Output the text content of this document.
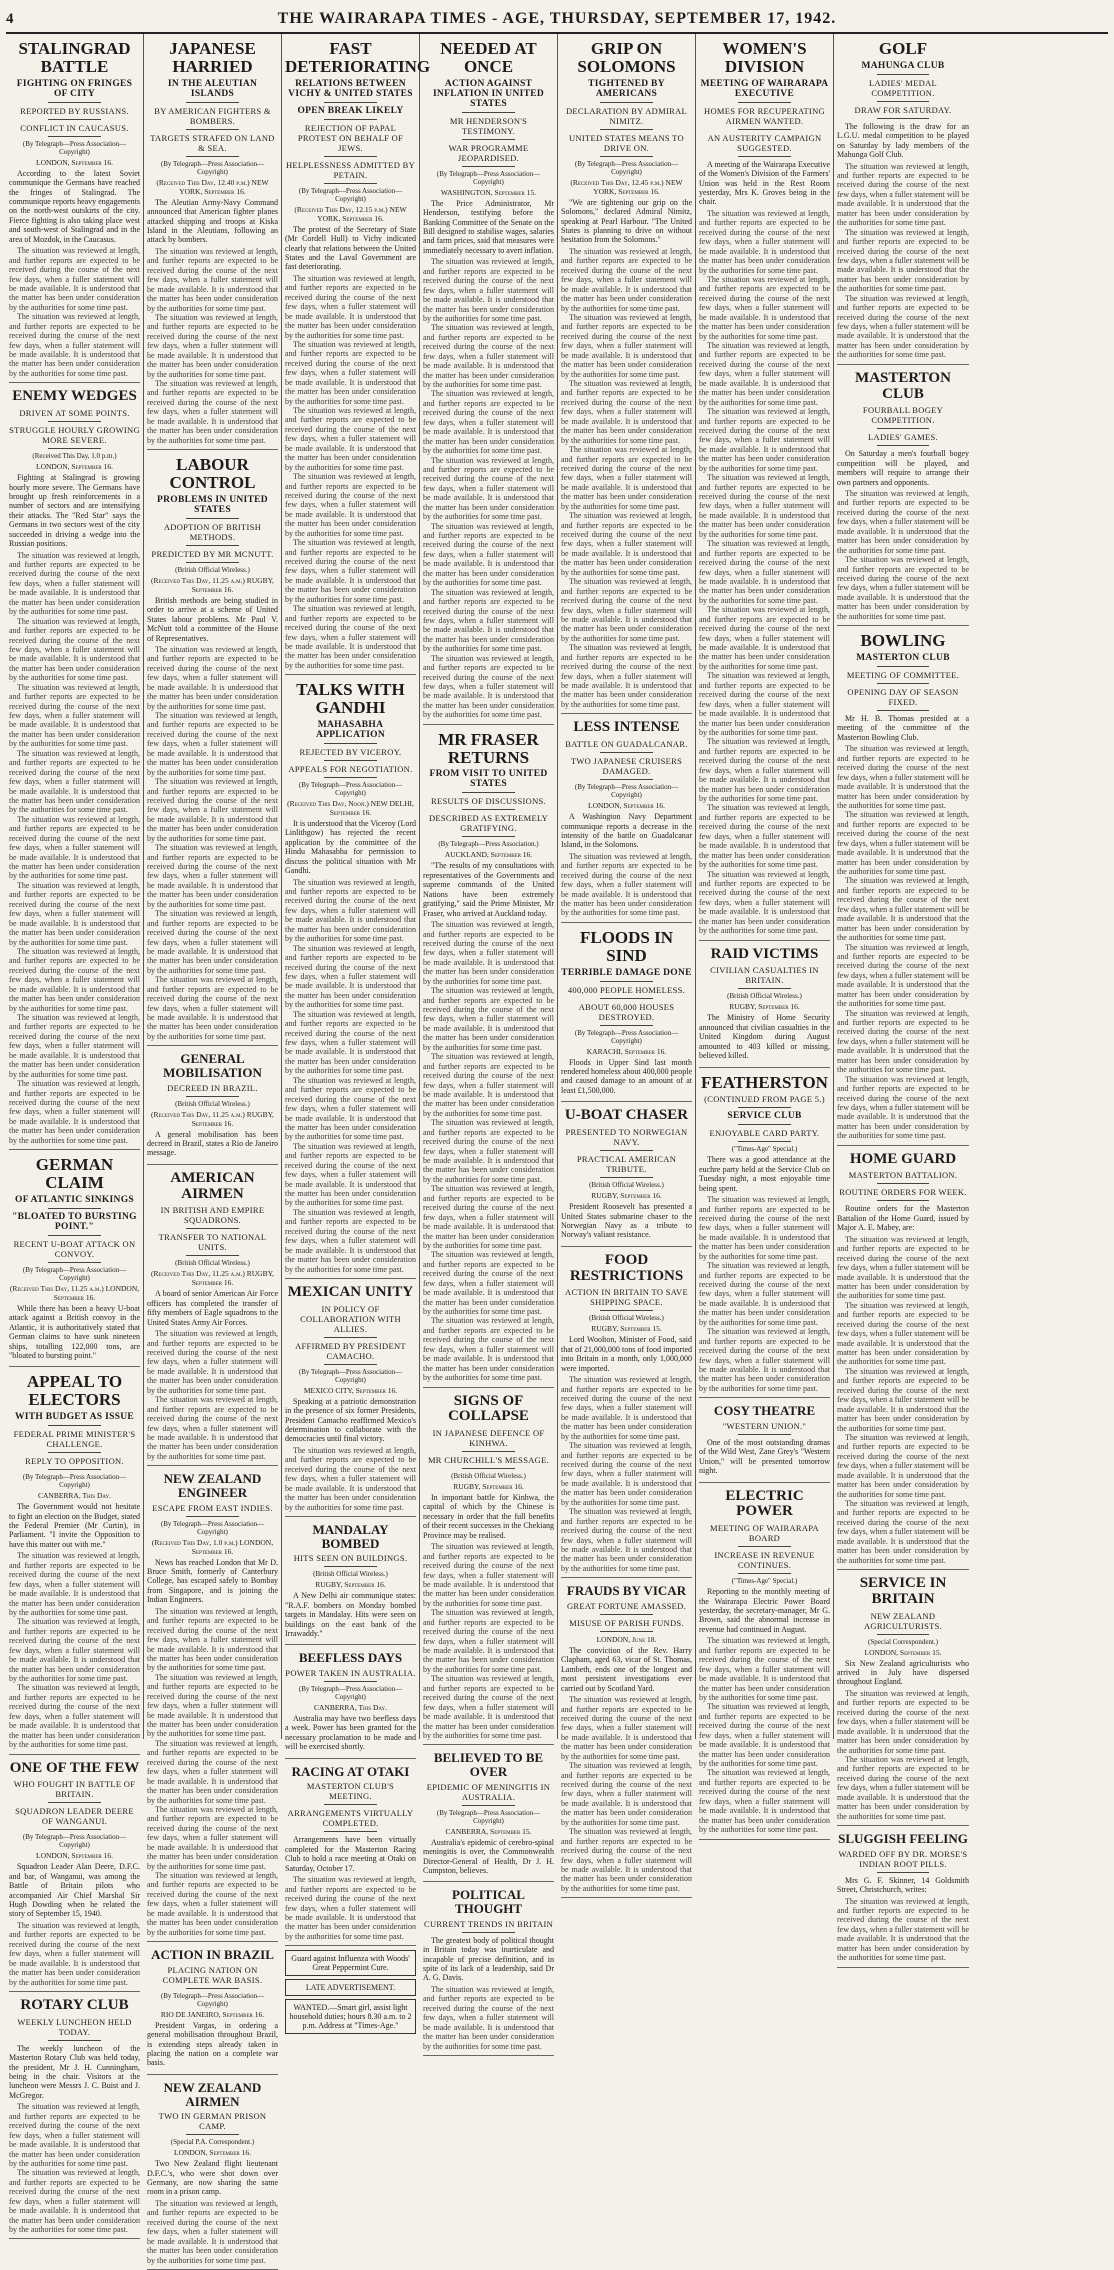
4	THE WAIRARAPA TIMES - AGE, THURSDAY, SEPTEMBER 17, 1942.
STALINGRAD BATTLE
FIGHTING ON FRINGES OF CITY
REPORTED BY RUSSIANS.
CONFLICT IN CAUCASUS.
(By Telegraph—Press Association—Copyright)
LONDON, September 16.
According to the latest Soviet communique the Germans have reached the fringes of Stalingrad. The communique reports heavy engagements on the north-west outskirts of the city. Fierce fighting is also taking place west and south-west of Stalingrad and in the area of Mozdok, in the Caucasus.

The situation was reviewed at length, and further reports are expected to be received during the course of the next few days, when a fuller statement will be made available. It is understood that the matter has been under consideration by the authorities for some time past.

The situation was reviewed at length, and further reports are expected to be received during the course of the next few days, when a fuller statement will be made available. It is understood that the matter has been under consideration by the authorities for some time past.

ENEMY WEDGES
DRIVEN AT SOME POINTS.
STRUGGLE HOURLY GROWING MORE SEVERE.
(Received This Day, 1.0 p.m.)
LONDON, September 16.
Fighting at Stalingrad is growing hourly more severe. The Germans have brought up fresh reinforcements in a number of sectors and are intensifying their attacks. The "Red Star" says the Germans in two sectors west of the city succeeded in driving a wedge into the Russian positions.

The situation was reviewed at length, and further reports are expected to be received during the course of the next few days, when a fuller statement will be made available. It is understood that the matter has been under consideration by the authorities for some time past.

The situation was reviewed at length, and further reports are expected to be received during the course of the next few days, when a fuller statement will be made available. It is understood that the matter has been under consideration by the authorities for some time past.

The situation was reviewed at length, and further reports are expected to be received during the course of the next few days, when a fuller statement will be made available. It is understood that the matter has been under consideration by the authorities for some time past.

The situation was reviewed at length, and further reports are expected to be received during the course of the next few days, when a fuller statement will be made available. It is understood that the matter has been under consideration by the authorities for some time past.

The situation was reviewed at length, and further reports are expected to be received during the course of the next few days, when a fuller statement will be made available. It is understood that the matter has been under consideration by the authorities for some time past.

The situation was reviewed at length, and further reports are expected to be received during the course of the next few days, when a fuller statement will be made available. It is understood that the matter has been under consideration by the authorities for some time past.

The situation was reviewed at length, and further reports are expected to be received during the course of the next few days, when a fuller statement will be made available. It is understood that the matter has been under consideration by the authorities for some time past.

The situation was reviewed at length, and further reports are expected to be received during the course of the next few days, when a fuller statement will be made available. It is understood that the matter has been under consideration by the authorities for some time past.

The situation was reviewed at length, and further reports are expected to be received during the course of the next few days, when a fuller statement will be made available. It is understood that the matter has been under consideration by the authorities for some time past.

GERMAN CLAIM
OF ATLANTIC SINKINGS
"BLOATED TO BURSTING POINT."
RECENT U-BOAT ATTACK ON CONVOY.
(By Telegraph—Press Association—Copyright)
(Received This Day, 11.25 a.m.) LONDON, September 16.
While there has been a heavy U-boat attack against a British convoy in the Atlantic, it is authoritatively stated that German claims to have sunk nineteen ships, totalling 122,000 tons, are "bloated to bursting point."
APPEAL TO ELECTORS
WITH BUDGET AS ISSUE
FEDERAL PRIME MINISTER'S CHALLENGE.
REPLY TO OPPOSITION.
(By Telegraph—Press Association—Copyright)
CANBERRA, This Day.
The Government would not hesitate to fight an election on the Budget, stated the Federal Premier (Mr Curtin), in Parliament. "I invite the Opposition to have this matter out with me."

The situation was reviewed at length, and further reports are expected to be received during the course of the next few days, when a fuller statement will be made available. It is understood that the matter has been under consideration by the authorities for some time past.

The situation was reviewed at length, and further reports are expected to be received during the course of the next few days, when a fuller statement will be made available. It is understood that the matter has been under consideration by the authorities for some time past.

The situation was reviewed at length, and further reports are expected to be received during the course of the next few days, when a fuller statement will be made available. It is understood that the matter has been under consideration by the authorities for some time past.

ONE OF THE FEW
WHO FOUGHT IN BATTLE OF BRITAIN.
SQUADRON LEADER DEERE OF WANGANUI.
(By Telegraph—Press Association—Copyright)
LONDON, September 16.
Squadron Leader Alan Deere, D.F.C. and bar, of Wanganui, was among the Battle of Britain pilots who accompanied Air Chief Marshal Sir Hugh Dowding when he related the story of September 15, 1940.

The situation was reviewed at length, and further reports are expected to be received during the course of the next few days, when a fuller statement will be made available. It is understood that the matter has been under consideration by the authorities for some time past.

ROTARY CLUB
WEEKLY LUNCHEON HELD TODAY.
The weekly luncheon of the Masterton Rotary Club was held today, the president, Mr J. H. Cunningham, being in the chair. Visitors at the luncheon were Messrs J. C. Buist and J. McGregor.

The situation was reviewed at length, and further reports are expected to be received during the course of the next few days, when a fuller statement will be made available. It is understood that the matter has been under consideration by the authorities for some time past.

The situation was reviewed at length, and further reports are expected to be received during the course of the next few days, when a fuller statement will be made available. It is understood that the matter has been under consideration by the authorities for some time past.

JAPANESE HARRIED
IN THE ALEUTIAN ISLANDS
BY AMERICAN FIGHTERS & BOMBERS.
TARGETS STRAFED ON LAND & SEA.
(By Telegraph—Press Association—Copyright)
(Received This Day, 12.40 p.m.) NEW YORK, September 16.
The Aleutian Army-Navy Command announced that American fighter planes attacked shipping and troops at Kiska Island in the Aleutians, following an attack by bombers.

The situation was reviewed at length, and further reports are expected to be received during the course of the next few days, when a fuller statement will be made available. It is understood that the matter has been under consideration by the authorities for some time past.

The situation was reviewed at length, and further reports are expected to be received during the course of the next few days, when a fuller statement will be made available. It is understood that the matter has been under consideration by the authorities for some time past.

The situation was reviewed at length, and further reports are expected to be received during the course of the next few days, when a fuller statement will be made available. It is understood that the matter has been under consideration by the authorities for some time past.

LABOUR CONTROL
PROBLEMS IN UNITED STATES
ADOPTION OF BRITISH METHODS.
PREDICTED BY MR MCNUTT.
(British Official Wireless.)
(Received This Day, 11.25 a.m.) RUGBY, September 16.
British methods are being studied in order to arrive at a scheme of United States labour problems. Mr Paul V. McNutt told a committee of the House of Representatives.

The situation was reviewed at length, and further reports are expected to be received during the course of the next few days, when a fuller statement will be made available. It is understood that the matter has been under consideration by the authorities for some time past.

The situation was reviewed at length, and further reports are expected to be received during the course of the next few days, when a fuller statement will be made available. It is understood that the matter has been under consideration by the authorities for some time past.

The situation was reviewed at length, and further reports are expected to be received during the course of the next few days, when a fuller statement will be made available. It is understood that the matter has been under consideration by the authorities for some time past.

The situation was reviewed at length, and further reports are expected to be received during the course of the next few days, when a fuller statement will be made available. It is understood that the matter has been under consideration by the authorities for some time past.

The situation was reviewed at length, and further reports are expected to be received during the course of the next few days, when a fuller statement will be made available. It is understood that the matter has been under consideration by the authorities for some time past.

The situation was reviewed at length, and further reports are expected to be received during the course of the next few days, when a fuller statement will be made available. It is understood that the matter has been under consideration by the authorities for some time past.

GENERAL MOBILISATION
DECREED IN BRAZIL.
(British Official Wireless.)
(Received This Day, 11.25 a.m.) RUGBY, September 16.
A general mobilisation has been decreed in Brazil, states a Rio de Janeiro message.
AMERICAN AIRMEN
IN BRITISH AND EMPIRE SQUADRONS.
TRANSFER TO NATIONAL UNITS.
(British Official Wireless.)
(Received This Day, 11.25 a.m.) RUGBY, September 16.
A board of senior American Air Force officers has completed the transfer of fifty members of Eagle squadrons to the United States Army Air Forces.

The situation was reviewed at length, and further reports are expected to be received during the course of the next few days, when a fuller statement will be made available. It is understood that the matter has been under consideration by the authorities for some time past.

The situation was reviewed at length, and further reports are expected to be received during the course of the next few days, when a fuller statement will be made available. It is understood that the matter has been under consideration by the authorities for some time past.

NEW ZEALAND ENGINEER
ESCAPE FROM EAST INDIES.
(By Telegraph—Press Association—Copyright)
(Received This Day, 1.0 p.m.) LONDON, September 16.
News has reached London that Mr D. Bruce Smith, formerly of Canterbury College, has escaped safely to Bombay from Singapore, and is joining the Indian Engineers.

The situation was reviewed at length, and further reports are expected to be received during the course of the next few days, when a fuller statement will be made available. It is understood that the matter has been under consideration by the authorities for some time past.

The situation was reviewed at length, and further reports are expected to be received during the course of the next few days, when a fuller statement will be made available. It is understood that the matter has been under consideration by the authorities for some time past.

The situation was reviewed at length, and further reports are expected to be received during the course of the next few days, when a fuller statement will be made available. It is understood that the matter has been under consideration by the authorities for some time past.

The situation was reviewed at length, and further reports are expected to be received during the course of the next few days, when a fuller statement will be made available. It is understood that the matter has been under consideration by the authorities for some time past.

The situation was reviewed at length, and further reports are expected to be received during the course of the next few days, when a fuller statement will be made available. It is understood that the matter has been under consideration by the authorities for some time past.

ACTION IN BRAZIL
PLACING NATION ON COMPLETE WAR BASIS.
(By Telegraph—Press Association—Copyright)
RIO DE JANEIRO, September 16.
President Vargas, in ordering a general mobilisation throughout Brazil, is extending steps already taken in placing the nation on a complete war basis.
NEW ZEALAND AIRMEN
TWO IN GERMAN PRISON CAMP.
(Special P.A. Correspondent.)
LONDON, September 16.
Two New Zealand flight lieutenant D.F.C.'s, who were shot down over Germany, are now sharing the same room in a prison camp.

The situation was reviewed at length, and further reports are expected to be received during the course of the next few days, when a fuller statement will be made available. It is understood that the matter has been under consideration by the authorities for some time past.

FAST DETERIORATING
RELATIONS BETWEEN VICHY & UNITED STATES
OPEN BREAK LIKELY
REJECTION OF PAPAL PROTEST ON BEHALF OF JEWS.
HELPLESSNESS ADMITTED BY PETAIN.
(By Telegraph—Press Association—Copyright)
(Received This Day, 12.15 p.m.) NEW YORK, September 16.
The protest of the Secretary of State (Mr Cordell Hull) to Vichy indicated clearly that relations between the United States and the Laval Government are fast deteriorating.

The situation was reviewed at length, and further reports are expected to be received during the course of the next few days, when a fuller statement will be made available. It is understood that the matter has been under consideration by the authorities for some time past.

The situation was reviewed at length, and further reports are expected to be received during the course of the next few days, when a fuller statement will be made available. It is understood that the matter has been under consideration by the authorities for some time past.

The situation was reviewed at length, and further reports are expected to be received during the course of the next few days, when a fuller statement will be made available. It is understood that the matter has been under consideration by the authorities for some time past.

The situation was reviewed at length, and further reports are expected to be received during the course of the next few days, when a fuller statement will be made available. It is understood that the matter has been under consideration by the authorities for some time past.

The situation was reviewed at length, and further reports are expected to be received during the course of the next few days, when a fuller statement will be made available. It is understood that the matter has been under consideration by the authorities for some time past.

The situation was reviewed at length, and further reports are expected to be received during the course of the next few days, when a fuller statement will be made available. It is understood that the matter has been under consideration by the authorities for some time past.

TALKS WITH GANDHI
MAHASABHA APPLICATION
REJECTED BY VICEROY.
APPEALS FOR NEGOTIATION.
(By Telegraph—Press Association—Copyright)
(Received This Day, Noon.) NEW DELHI, September 16.
It is understood that the Viceroy (Lord Linlithgow) has rejected the recent application by the committee of the Hindu Mahasabha for permission to discuss the political situation with Mr Gandhi.

The situation was reviewed at length, and further reports are expected to be received during the course of the next few days, when a fuller statement will be made available. It is understood that the matter has been under consideration by the authorities for some time past.

The situation was reviewed at length, and further reports are expected to be received during the course of the next few days, when a fuller statement will be made available. It is understood that the matter has been under consideration by the authorities for some time past.

The situation was reviewed at length, and further reports are expected to be received during the course of the next few days, when a fuller statement will be made available. It is understood that the matter has been under consideration by the authorities for some time past.

The situation was reviewed at length, and further reports are expected to be received during the course of the next few days, when a fuller statement will be made available. It is understood that the matter has been under consideration by the authorities for some time past.

The situation was reviewed at length, and further reports are expected to be received during the course of the next few days, when a fuller statement will be made available. It is understood that the matter has been under consideration by the authorities for some time past.

The situation was reviewed at length, and further reports are expected to be received during the course of the next few days, when a fuller statement will be made available. It is understood that the matter has been under consideration by the authorities for some time past.

MEXICAN UNITY
IN POLICY OF COLLABORATION WITH ALLIES.
AFFIRMED BY PRESIDENT CAMACHO.
(By Telegraph—Press Association—Copyright)
MEXICO CITY, September 16.
Speaking at a patriotic demonstration in the presence of six former Presidents, President Camacho reaffirmed Mexico's determination to collaborate with the democracies until final victory.

The situation was reviewed at length, and further reports are expected to be received during the course of the next few days, when a fuller statement will be made available. It is understood that the matter has been under consideration by the authorities for some time past.

MANDALAY BOMBED
HITS SEEN ON BUILDINGS.
(British Official Wireless.)
RUGBY, September 16.
A New Delhi air communique states: "R.A.F. bombers on Monday bombed targets in Mandalay. Hits were seen on buildings on the east bank of the Irrawaddy."
BEEFLESS DAYS
POWER TAKEN IN AUSTRALIA.
(By Telegraph—Press Association—Copyright)
CANBERRA, This Day.
Australia may have two beefless days a week. Power has been granted for the necessary proclamation to be made and will be exercised shortly.
RACING AT OTAKI
MASTERTON CLUB'S MEETING.
ARRANGEMENTS VIRTUALLY COMPLETED.
Arrangements have been virtually completed for the Masterton Racing Club to hold a race meeting at Otaki on Saturday, October 17.

The situation was reviewed at length, and further reports are expected to be received during the course of the next few days, when a fuller statement will be made available. It is understood that the matter has been under consideration by the authorities for some time past.

Guard against Influenza with Woods' Great Peppermint Cure.
LATE ADVERTISEMENT.
WANTED.—Smart girl, assist light household duties; hours 8.30 a.m. to 2 p.m. Address at "Times-Age."
NEEDED AT ONCE
ACTION AGAINST INFLATION IN UNITED STATES
MR HENDERSON'S TESTIMONY.
WAR PROGRAMME JEOPARDISED.
(By Telegraph—Press Association—Copyright)
WASHINGTON, September 15.
The Price Administrator, Mr Henderson, testifying before the Banking Committee of the Senate on the Bill designed to stabilise wages, salaries and farm prices, said that measures were immediately necessary to avert inflation.

The situation was reviewed at length, and further reports are expected to be received during the course of the next few days, when a fuller statement will be made available. It is understood that the matter has been under consideration by the authorities for some time past.

The situation was reviewed at length, and further reports are expected to be received during the course of the next few days, when a fuller statement will be made available. It is understood that the matter has been under consideration by the authorities for some time past.

The situation was reviewed at length, and further reports are expected to be received during the course of the next few days, when a fuller statement will be made available. It is understood that the matter has been under consideration by the authorities for some time past.

The situation was reviewed at length, and further reports are expected to be received during the course of the next few days, when a fuller statement will be made available. It is understood that the matter has been under consideration by the authorities for some time past.

The situation was reviewed at length, and further reports are expected to be received during the course of the next few days, when a fuller statement will be made available. It is understood that the matter has been under consideration by the authorities for some time past.

The situation was reviewed at length, and further reports are expected to be received during the course of the next few days, when a fuller statement will be made available. It is understood that the matter has been under consideration by the authorities for some time past.

The situation was reviewed at length, and further reports are expected to be received during the course of the next few days, when a fuller statement will be made available. It is understood that the matter has been under consideration by the authorities for some time past.

MR FRASER RETURNS
FROM VISIT TO UNITED STATES
RESULTS OF DISCUSSIONS.
DESCRIBED AS EXTREMELY GRATIFYING.
(By Telegraph—Press Association.)
AUCKLAND, September 16.
"The results of my consultations with representatives of the Governments and supreme commands of the United Nations have been extremely gratifying," said the Prime Minister, Mr Fraser, who arrived at Auckland today.

The situation was reviewed at length, and further reports are expected to be received during the course of the next few days, when a fuller statement will be made available. It is understood that the matter has been under consideration by the authorities for some time past.

The situation was reviewed at length, and further reports are expected to be received during the course of the next few days, when a fuller statement will be made available. It is understood that the matter has been under consideration by the authorities for some time past.

The situation was reviewed at length, and further reports are expected to be received during the course of the next few days, when a fuller statement will be made available. It is understood that the matter has been under consideration by the authorities for some time past.

The situation was reviewed at length, and further reports are expected to be received during the course of the next few days, when a fuller statement will be made available. It is understood that the matter has been under consideration by the authorities for some time past.

The situation was reviewed at length, and further reports are expected to be received during the course of the next few days, when a fuller statement will be made available. It is understood that the matter has been under consideration by the authorities for some time past.

The situation was reviewed at length, and further reports are expected to be received during the course of the next few days, when a fuller statement will be made available. It is understood that the matter has been under consideration by the authorities for some time past.

The situation was reviewed at length, and further reports are expected to be received during the course of the next few days, when a fuller statement will be made available. It is understood that the matter has been under consideration by the authorities for some time past.

SIGNS OF COLLAPSE
IN JAPANESE DEFENCE OF KINHWA.
MR CHURCHILL'S MESSAGE.
(British Official Wireless.)
RUGBY, September 16.
In important battle for Kinhwa, the capital of which by the Chinese is necessary in order that the full benefits of their recent successes in the Chekiang Province may be realised.

The situation was reviewed at length, and further reports are expected to be received during the course of the next few days, when a fuller statement will be made available. It is understood that the matter has been under consideration by the authorities for some time past.

The situation was reviewed at length, and further reports are expected to be received during the course of the next few days, when a fuller statement will be made available. It is understood that the matter has been under consideration by the authorities for some time past.

The situation was reviewed at length, and further reports are expected to be received during the course of the next few days, when a fuller statement will be made available. It is understood that the matter has been under consideration by the authorities for some time past.

BELIEVED TO BE OVER
EPIDEMIC OF MENINGITIS IN AUSTRALIA.
(By Telegraph—Press Association—Copyright)
CANBERRA, September 15.
Australia's epidemic of cerebro-spinal meningitis is over, the Commonwealth Director-General of Health, Dr J. H. Cumpston, believes.
POLITICAL THOUGHT
CURRENT TRENDS IN BRITAIN
The greatest body of political thought in Britain today was inarticulate and incapable of precise definition, and in spite of its lack of a leadership, said Dr A. G. Davis.

The situation was reviewed at length, and further reports are expected to be received during the course of the next few days, when a fuller statement will be made available. It is understood that the matter has been under consideration by the authorities for some time past.

GRIP ON SOLOMONS
TIGHTENED BY AMERICANS
DECLARATION BY ADMIRAL NIMITZ.
UNITED STATES MEANS TO DRIVE ON.
(By Telegraph—Press Association—Copyright)
(Received This Day, 12.45 p.m.) NEW YORK, September 16.
"We are tightening our grip on the Solomons," declared Admiral Nimitz, speaking at Pearl Harbour. "The United States is planning to drive on without hesitation from the Solomons."

The situation was reviewed at length, and further reports are expected to be received during the course of the next few days, when a fuller statement will be made available. It is understood that the matter has been under consideration by the authorities for some time past.

The situation was reviewed at length, and further reports are expected to be received during the course of the next few days, when a fuller statement will be made available. It is understood that the matter has been under consideration by the authorities for some time past.

The situation was reviewed at length, and further reports are expected to be received during the course of the next few days, when a fuller statement will be made available. It is understood that the matter has been under consideration by the authorities for some time past.

The situation was reviewed at length, and further reports are expected to be received during the course of the next few days, when a fuller statement will be made available. It is understood that the matter has been under consideration by the authorities for some time past.

The situation was reviewed at length, and further reports are expected to be received during the course of the next few days, when a fuller statement will be made available. It is understood that the matter has been under consideration by the authorities for some time past.

The situation was reviewed at length, and further reports are expected to be received during the course of the next few days, when a fuller statement will be made available. It is understood that the matter has been under consideration by the authorities for some time past.

The situation was reviewed at length, and further reports are expected to be received during the course of the next few days, when a fuller statement will be made available. It is understood that the matter has been under consideration by the authorities for some time past.

LESS INTENSE
BATTLE ON GUADALCANAR.
TWO JAPANESE CRUISERS DAMAGED.
(By Telegraph—Press Association—Copyright)
LONDON, September 16.
A Washington Navy Department communique reports a decrease in the intensity of the battle on Guadalcanar Island, in the Solomons.

The situation was reviewed at length, and further reports are expected to be received during the course of the next few days, when a fuller statement will be made available. It is understood that the matter has been under consideration by the authorities for some time past.

FLOODS IN SIND
TERRIBLE DAMAGE DONE
400,000 PEOPLE HOMELESS.
ABOUT 60,000 HOUSES DESTROYED.
(By Telegraph—Press Association—Copyright)
KARACHI, September 16.
Floods in Upper Sind last month rendered homeless about 400,000 people and caused damage to an amount of at least £1,500,000.
U-BOAT CHASER
PRESENTED TO NORWEGIAN NAVY.
PRACTICAL AMERICAN TRIBUTE.
(British Official Wireless.)
RUGBY, September 16.
President Roosevelt has presented a United States submarine chaser to the Norwegian Navy as a tribute to Norway's valiant resistance.
FOOD RESTRICTIONS
ACTION IN BRITAIN TO SAVE SHIPPING SPACE.
(British Official Wireless.)
RUGBY, September 15.
Lord Woolton, Minister of Food, said that of 21,000,000 tons of food imported into Britain in a month, only 1,000,000 were imported.

The situation was reviewed at length, and further reports are expected to be received during the course of the next few days, when a fuller statement will be made available. It is understood that the matter has been under consideration by the authorities for some time past.

The situation was reviewed at length, and further reports are expected to be received during the course of the next few days, when a fuller statement will be made available. It is understood that the matter has been under consideration by the authorities for some time past.

The situation was reviewed at length, and further reports are expected to be received during the course of the next few days, when a fuller statement will be made available. It is understood that the matter has been under consideration by the authorities for some time past.

FRAUDS BY VICAR
GREAT FORTUNE AMASSED.
MISUSE OF PARISH FUNDS.
LONDON, June 18.
The conviction of the Rev. Harry Clapham, aged 63, vicar of St. Thomas, Lambeth, ends one of the longest and most persistent investigations ever carried out by Scotland Yard.

The situation was reviewed at length, and further reports are expected to be received during the course of the next few days, when a fuller statement will be made available. It is understood that the matter has been under consideration by the authorities for some time past.

The situation was reviewed at length, and further reports are expected to be received during the course of the next few days, when a fuller statement will be made available. It is understood that the matter has been under consideration by the authorities for some time past.

The situation was reviewed at length, and further reports are expected to be received during the course of the next few days, when a fuller statement will be made available. It is understood that the matter has been under consideration by the authorities for some time past.

WOMEN'S DIVISION
MEETING OF WAIRARAPA EXECUTIVE
HOMES FOR RECUPERATING AIRMEN WANTED.
AN AUSTERITY CAMPAIGN SUGGESTED.
A meeting of the Wairarapa Executive of the Women's Division of the Farmers' Union was held in the Rest Room yesterday, Mrs K. Groves being in the chair.

The situation was reviewed at length, and further reports are expected to be received during the course of the next few days, when a fuller statement will be made available. It is understood that the matter has been under consideration by the authorities for some time past.

The situation was reviewed at length, and further reports are expected to be received during the course of the next few days, when a fuller statement will be made available. It is understood that the matter has been under consideration by the authorities for some time past.

The situation was reviewed at length, and further reports are expected to be received during the course of the next few days, when a fuller statement will be made available. It is understood that the matter has been under consideration by the authorities for some time past.

The situation was reviewed at length, and further reports are expected to be received during the course of the next few days, when a fuller statement will be made available. It is understood that the matter has been under consideration by the authorities for some time past.

The situation was reviewed at length, and further reports are expected to be received during the course of the next few days, when a fuller statement will be made available. It is understood that the matter has been under consideration by the authorities for some time past.

The situation was reviewed at length, and further reports are expected to be received during the course of the next few days, when a fuller statement will be made available. It is understood that the matter has been under consideration by the authorities for some time past.

The situation was reviewed at length, and further reports are expected to be received during the course of the next few days, when a fuller statement will be made available. It is understood that the matter has been under consideration by the authorities for some time past.

The situation was reviewed at length, and further reports are expected to be received during the course of the next few days, when a fuller statement will be made available. It is understood that the matter has been under consideration by the authorities for some time past.

The situation was reviewed at length, and further reports are expected to be received during the course of the next few days, when a fuller statement will be made available. It is understood that the matter has been under consideration by the authorities for some time past.

The situation was reviewed at length, and further reports are expected to be received during the course of the next few days, when a fuller statement will be made available. It is understood that the matter has been under consideration by the authorities for some time past.

The situation was reviewed at length, and further reports are expected to be received during the course of the next few days, when a fuller statement will be made available. It is understood that the matter has been under consideration by the authorities for some time past.

RAID VICTIMS
CIVILIAN CASUALTIES IN BRITAIN.
(British Official Wireless.)
RUGBY, September 16.
The Ministry of Home Security announced that civilian casualties in the United Kingdom during August amounted to 403 killed or missing, believed killed.
FEATHERSTON
(CONTINUED FROM PAGE 5.)
SERVICE CLUB
ENJOYABLE CARD PARTY.
("Times-Age" Special.)
There was a good attendance at the euchre party held at the Service Club on Tuesday night, a most enjoyable time being spent.

The situation was reviewed at length, and further reports are expected to be received during the course of the next few days, when a fuller statement will be made available. It is understood that the matter has been under consideration by the authorities for some time past.

The situation was reviewed at length, and further reports are expected to be received during the course of the next few days, when a fuller statement will be made available. It is understood that the matter has been under consideration by the authorities for some time past.

The situation was reviewed at length, and further reports are expected to be received during the course of the next few days, when a fuller statement will be made available. It is understood that the matter has been under consideration by the authorities for some time past.

COSY THEATRE
"WESTERN UNION."
One of the most outstanding dramas of the Wild West, Zane Grey's "Western Union," will be presented tomorrow night.
ELECTRIC POWER
MEETING OF WAIRARAPA BOARD
INCREASE IN REVENUE CONTINUES.
("Times-Age" Special.)
Reporting to the monthly meeting of the Wairarapa Electric Power Board yesterday, the secretary-manager, Mr G. Brown, said the abnormal increase in revenue had continued in August.

The situation was reviewed at length, and further reports are expected to be received during the course of the next few days, when a fuller statement will be made available. It is understood that the matter has been under consideration by the authorities for some time past.

The situation was reviewed at length, and further reports are expected to be received during the course of the next few days, when a fuller statement will be made available. It is understood that the matter has been under consideration by the authorities for some time past.

The situation was reviewed at length, and further reports are expected to be received during the course of the next few days, when a fuller statement will be made available. It is understood that the matter has been under consideration by the authorities for some time past.

GOLF
MAHUNGA CLUB
LADIES' MEDAL COMPETITION.
DRAW FOR SATURDAY.
The following is the draw for an L.G.U. medal competition to be played on Saturday by lady members of the Mahunga Golf Club.

The situation was reviewed at length, and further reports are expected to be received during the course of the next few days, when a fuller statement will be made available. It is understood that the matter has been under consideration by the authorities for some time past.

The situation was reviewed at length, and further reports are expected to be received during the course of the next few days, when a fuller statement will be made available. It is understood that the matter has been under consideration by the authorities for some time past.

The situation was reviewed at length, and further reports are expected to be received during the course of the next few days, when a fuller statement will be made available. It is understood that the matter has been under consideration by the authorities for some time past.

MASTERTON CLUB
FOURBALL BOGEY COMPETITION.
LADIES' GAMES.
On Saturday a men's fourball bogey competition will be played, and members will require to arrange their own partners and opponents.

The situation was reviewed at length, and further reports are expected to be received during the course of the next few days, when a fuller statement will be made available. It is understood that the matter has been under consideration by the authorities for some time past.

The situation was reviewed at length, and further reports are expected to be received during the course of the next few days, when a fuller statement will be made available. It is understood that the matter has been under consideration by the authorities for some time past.

BOWLING
MASTERTON CLUB
MEETING OF COMMITTEE.
OPENING DAY OF SEASON FIXED.
Mr H. B. Thomas presided at a meeting of the committee of the Masterton Bowling Club.

The situation was reviewed at length, and further reports are expected to be received during the course of the next few days, when a fuller statement will be made available. It is understood that the matter has been under consideration by the authorities for some time past.

The situation was reviewed at length, and further reports are expected to be received during the course of the next few days, when a fuller statement will be made available. It is understood that the matter has been under consideration by the authorities for some time past.

The situation was reviewed at length, and further reports are expected to be received during the course of the next few days, when a fuller statement will be made available. It is understood that the matter has been under consideration by the authorities for some time past.

The situation was reviewed at length, and further reports are expected to be received during the course of the next few days, when a fuller statement will be made available. It is understood that the matter has been under consideration by the authorities for some time past.

The situation was reviewed at length, and further reports are expected to be received during the course of the next few days, when a fuller statement will be made available. It is understood that the matter has been under consideration by the authorities for some time past.

The situation was reviewed at length, and further reports are expected to be received during the course of the next few days, when a fuller statement will be made available. It is understood that the matter has been under consideration by the authorities for some time past.

HOME GUARD
MASTERTON BATTALION.
ROUTINE ORDERS FOR WEEK.
Routine orders for the Masterton Battalion of the Home Guard, issued by Major A. E. Mabey, are:

The situation was reviewed at length, and further reports are expected to be received during the course of the next few days, when a fuller statement will be made available. It is understood that the matter has been under consideration by the authorities for some time past.

The situation was reviewed at length, and further reports are expected to be received during the course of the next few days, when a fuller statement will be made available. It is understood that the matter has been under consideration by the authorities for some time past.

The situation was reviewed at length, and further reports are expected to be received during the course of the next few days, when a fuller statement will be made available. It is understood that the matter has been under consideration by the authorities for some time past.

The situation was reviewed at length, and further reports are expected to be received during the course of the next few days, when a fuller statement will be made available. It is understood that the matter has been under consideration by the authorities for some time past.

The situation was reviewed at length, and further reports are expected to be received during the course of the next few days, when a fuller statement will be made available. It is understood that the matter has been under consideration by the authorities for some time past.

SERVICE IN BRITAIN
NEW ZEALAND AGRICULTURISTS.
(Special Correspondent.)
LONDON, September 15.
Six New Zealand agriculturists who arrived in July have dispersed throughout England.

The situation was reviewed at length, and further reports are expected to be received during the course of the next few days, when a fuller statement will be made available. It is understood that the matter has been under consideration by the authorities for some time past.

The situation was reviewed at length, and further reports are expected to be received during the course of the next few days, when a fuller statement will be made available. It is understood that the matter has been under consideration by the authorities for some time past.

SLUGGISH FEELING
WARDED OFF BY DR. MORSE'S INDIAN ROOT PILLS.
Mrs G. F. Skinner, 14 Goldsmith Street, Christchurch, writes:

The situation was reviewed at length, and further reports are expected to be received during the course of the next few days, when a fuller statement will be made available. It is understood that the matter has been under consideration by the authorities for some time past.
